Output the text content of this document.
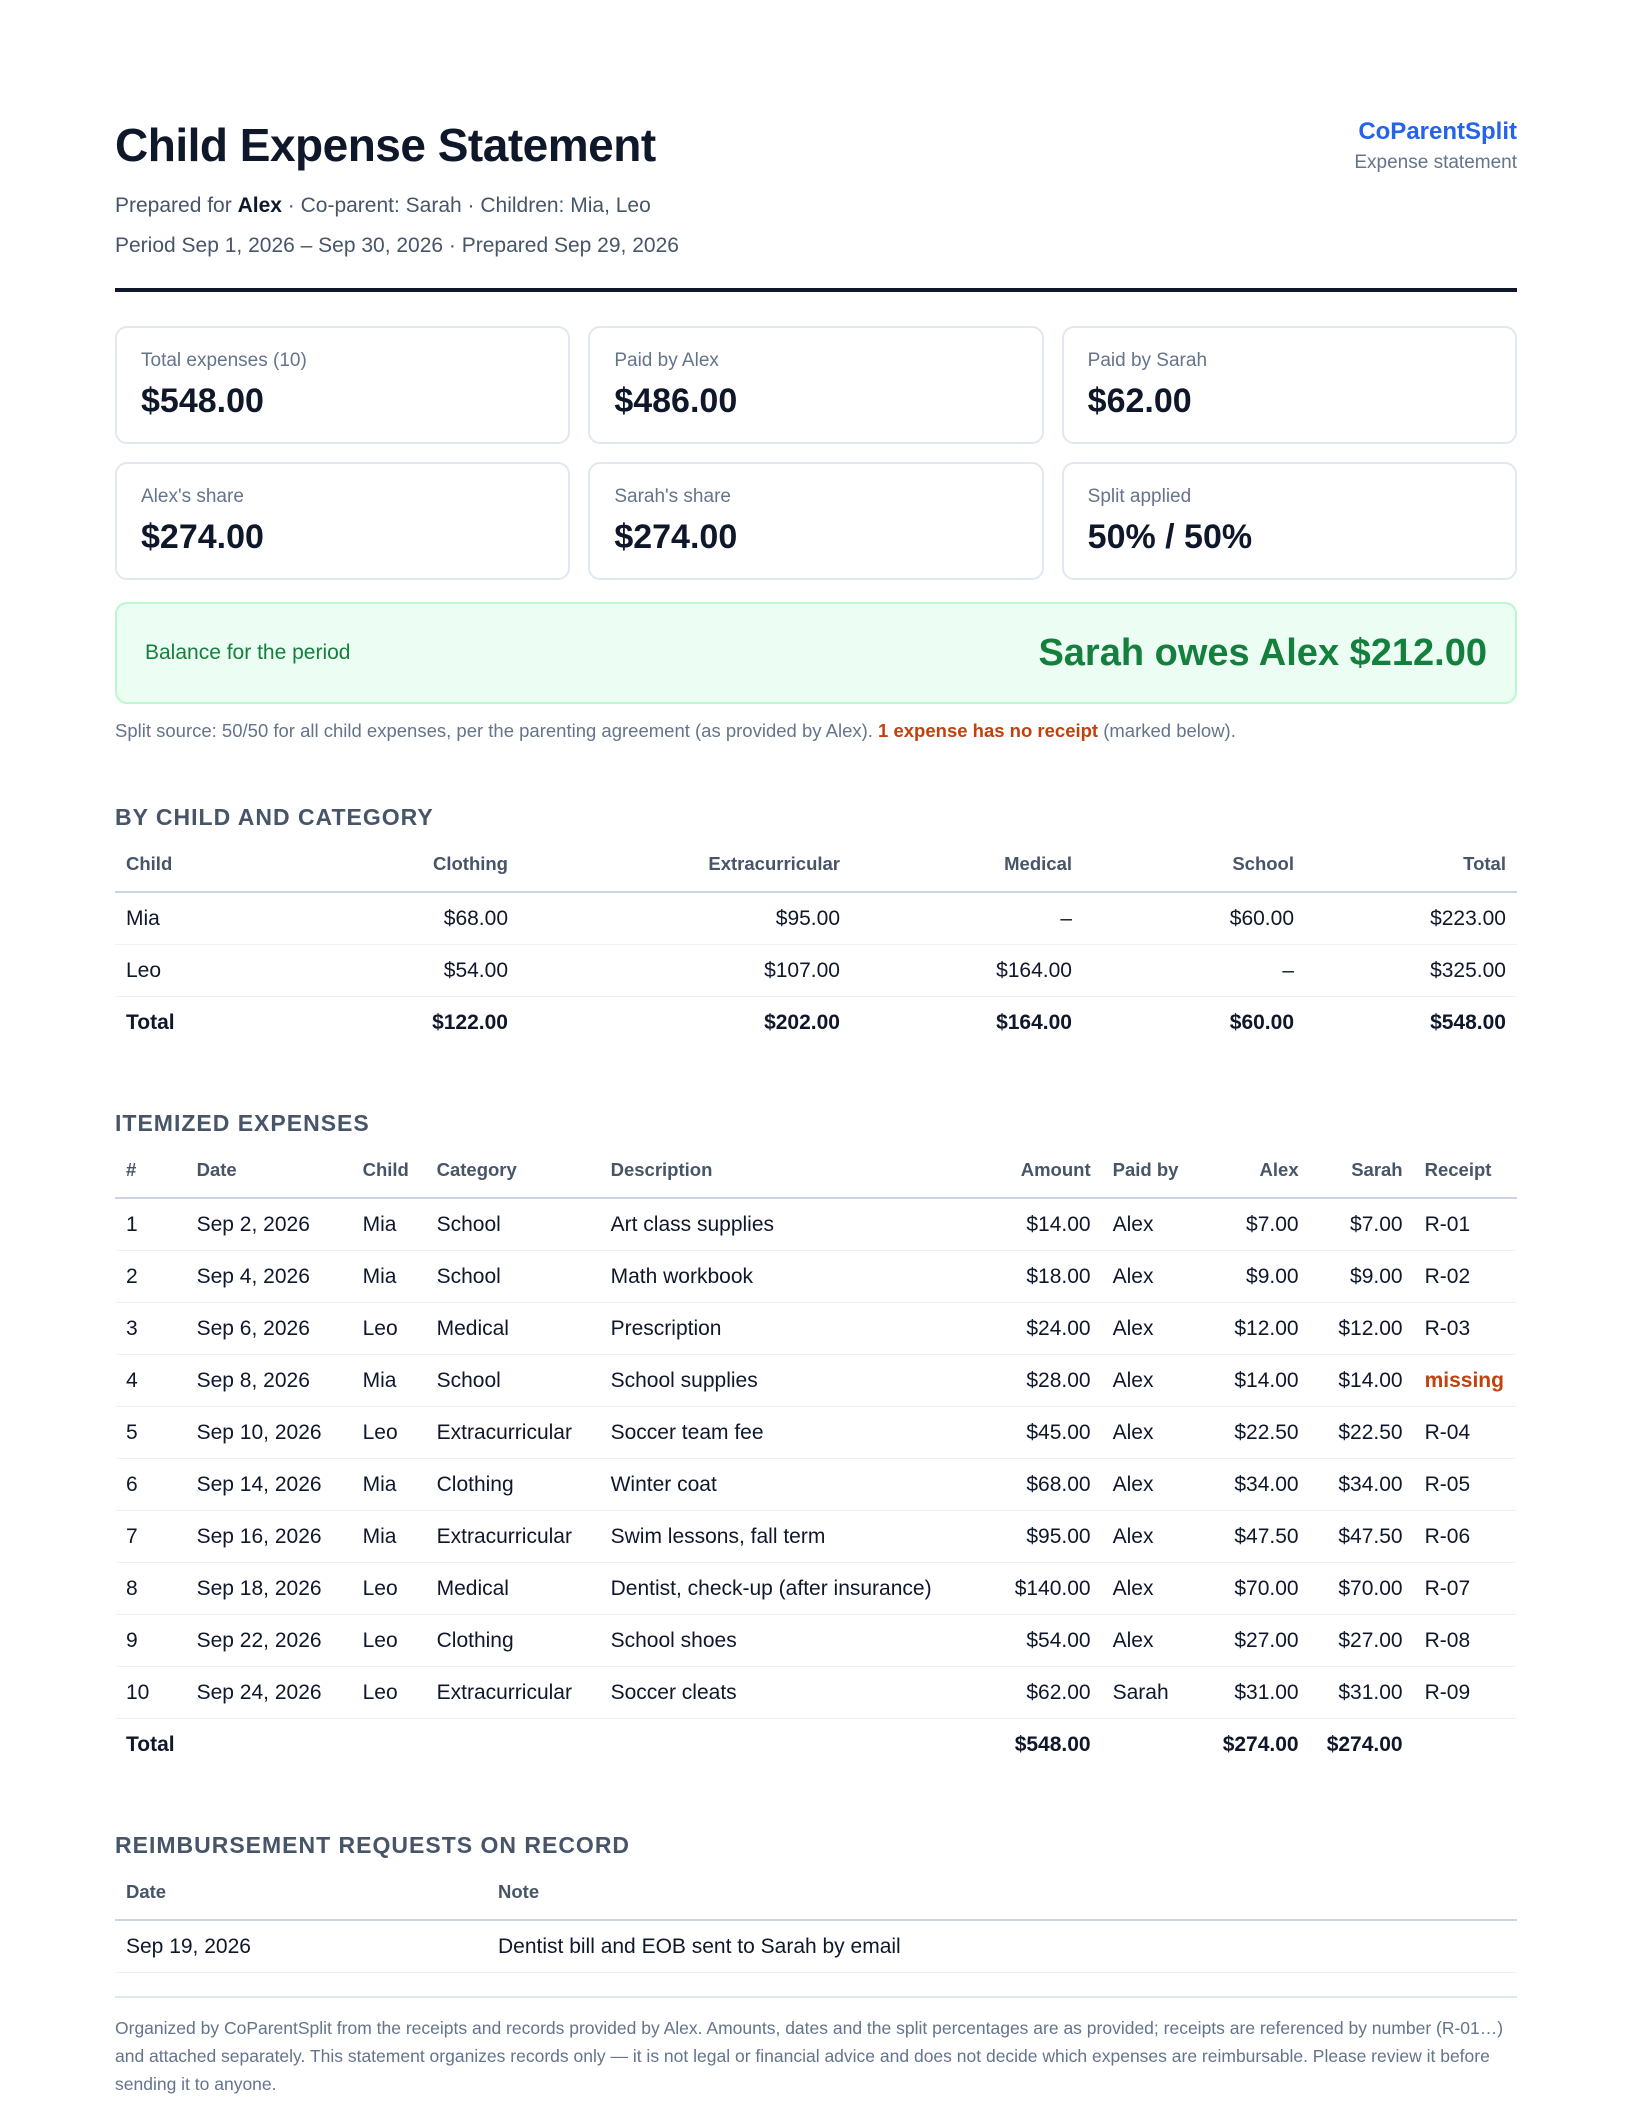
Child Expense Statement
Prepared for Alex · Co-parent: Sarah · Children: Mia, Leo
Period Sep 1, 2026 – Sep 30, 2026 · Prepared Sep 29, 2026
CoParentSplit
Expense statement
Total expenses (10)
$548.00
Paid by Alex
$486.00
Paid by Sarah
$62.00
Alex's share
$274.00
Sarah's share
$274.00
Split applied
50% / 50%
Balance for the period	Sarah owes Alex $212.00
Split source: 50/50 for all child expenses, per the parenting agreement (as provided by Alex). 1 expense has no receipt (marked below).
BY CHILD AND CATEGORY
Child	Clothing	Extracurricular	Medical	School	Total
Mia	$68.00	$95.00	–	$60.00	$223.00
Leo	$54.00	$107.00	$164.00	–	$325.00
Total	$122.00	$202.00	$164.00	$60.00	$548.00
ITEMIZED EXPENSES
#	Date	Child	Category	Description	Amount	Paid by	Alex	Sarah	Receipt
1	Sep 2, 2026	Mia	School	Art class supplies	$14.00	Alex	$7.00	$7.00	R-01
2	Sep 4, 2026	Mia	School	Math workbook	$18.00	Alex	$9.00	$9.00	R-02
3	Sep 6, 2026	Leo	Medical	Prescription	$24.00	Alex	$12.00	$12.00	R-03
4	Sep 8, 2026	Mia	School	School supplies	$28.00	Alex	$14.00	$14.00	missing
5	Sep 10, 2026	Leo	Extracurricular	Soccer team fee	$45.00	Alex	$22.50	$22.50	R-04
6	Sep 14, 2026	Mia	Clothing	Winter coat	$68.00	Alex	$34.00	$34.00	R-05
7	Sep 16, 2026	Mia	Extracurricular	Swim lessons, fall term	$95.00	Alex	$47.50	$47.50	R-06
8	Sep 18, 2026	Leo	Medical	Dentist, check-up (after insurance)	$140.00	Alex	$70.00	$70.00	R-07
9	Sep 22, 2026	Leo	Clothing	School shoes	$54.00	Alex	$27.00	$27.00	R-08
10	Sep 24, 2026	Leo	Extracurricular	Soccer cleats	$62.00	Sarah	$31.00	$31.00	R-09
Total					$548.00		$274.00	$274.00	
REIMBURSEMENT REQUESTS ON RECORD
Date	Note
Sep 19, 2026	Dentist bill and EOB sent to Sarah by email
Organized by CoParentSplit from the receipts and records provided by Alex. Amounts, dates and the split percentages are as provided; receipts are referenced by number (R-01…) and attached separately. This statement organizes records only — it is not legal or financial advice and does not decide which expenses are reimbursable. Please review it before sending it to anyone.
